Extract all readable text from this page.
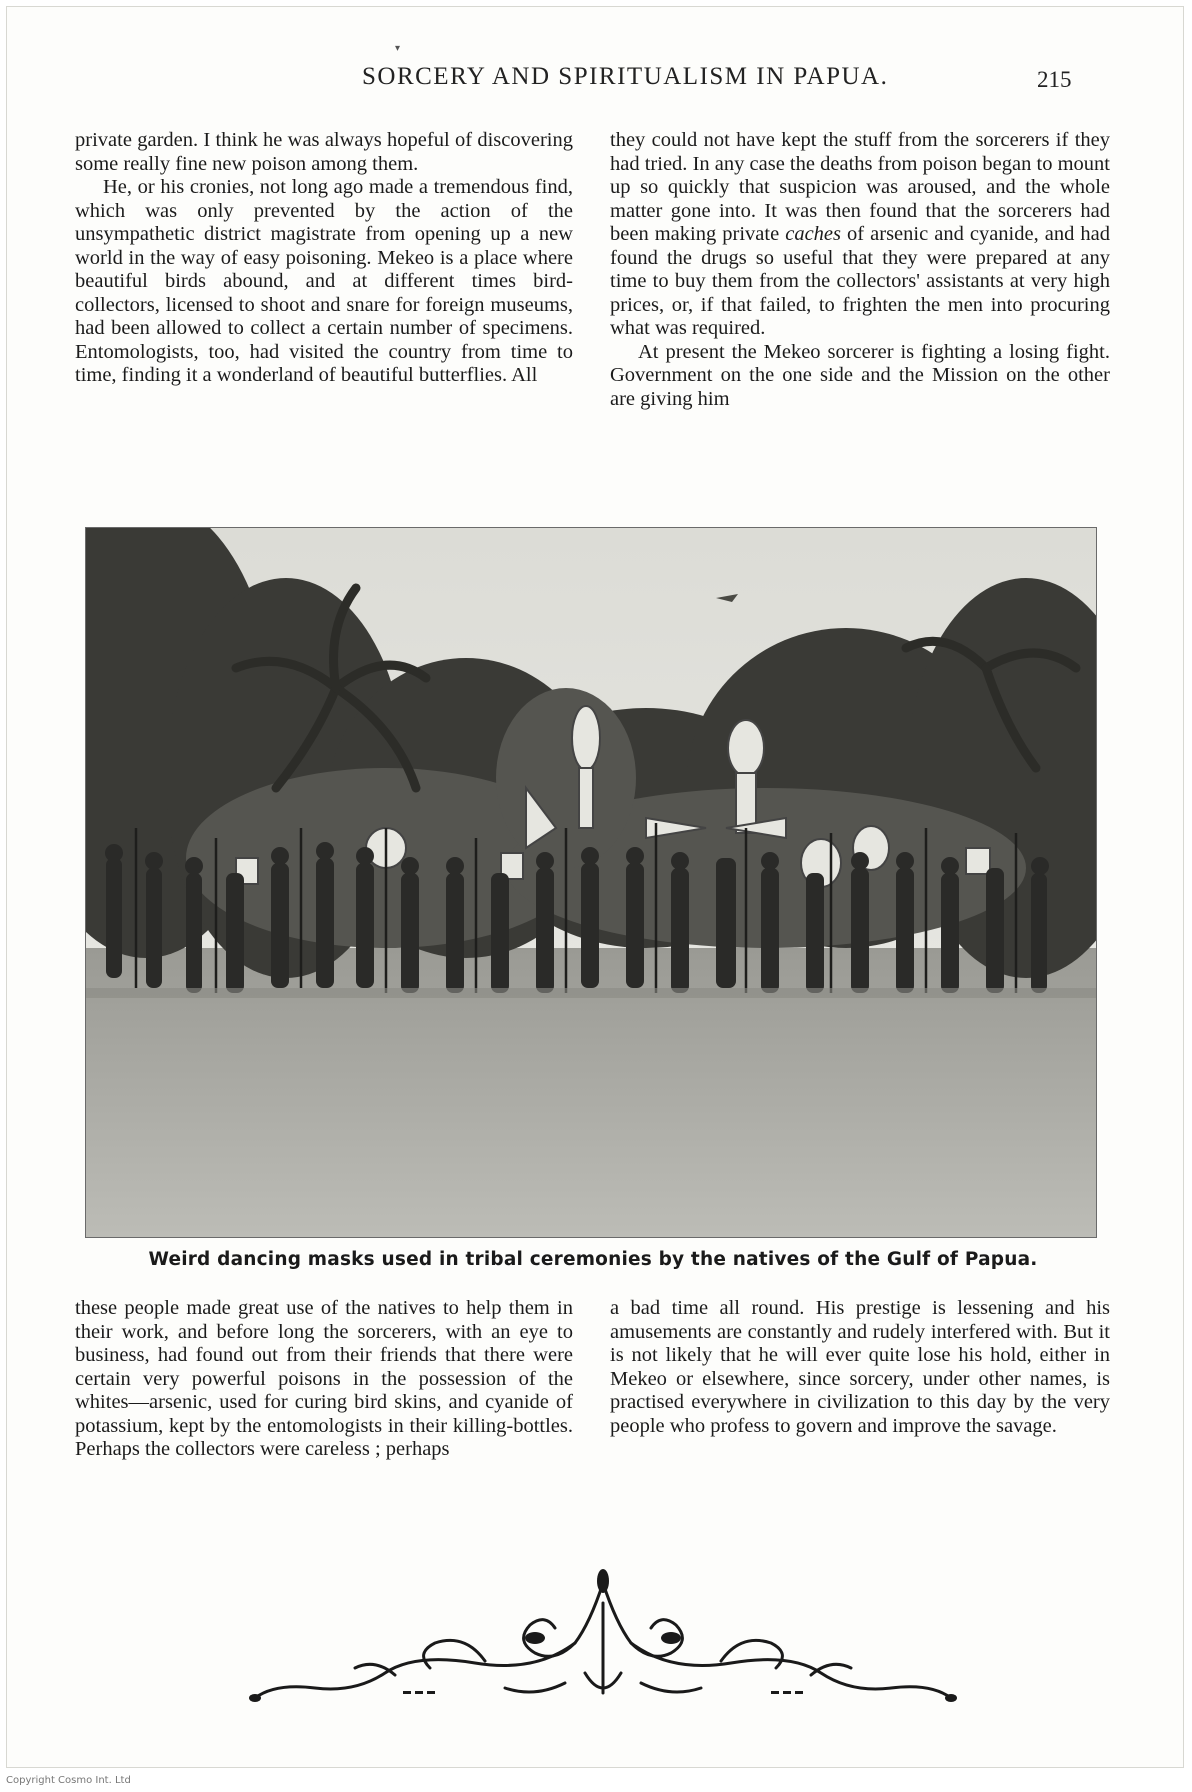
▾
SORCERY AND SPIRITUALISM IN PAPUA.	215

private garden. I think he was always hopeful of discovering some really fine new poison among them.

He, or his cronies, not long ago made a tremendous find, which was only prevented by the action of the unsympathetic district magistrate from opening up a new world in the way of easy poisoning. Mekeo is a place where beautiful birds abound, and at different times bird-collectors, licensed to shoot and snare for foreign museums, had been allowed to collect a certain number of specimens. Entomologists, too, had visited the country from time to time, finding it a wonderland of beautiful butterflies. All

they could not have kept the stuff from the sorcerers if they had tried. In any case the deaths from poison began to mount up so quickly that suspicion was aroused, and the whole matter gone into. It was then found that the sorcerers had been making private caches of arsenic and cyanide, and had found the drugs so useful that they were prepared at any time to buy them from the collectors' assistants at very high prices, or, if that failed, to frighten the men into procuring what was required.

At present the Mekeo sorcerer is fighting a losing fight. Government on the one side and the Mission on the other are giving him

Weird dancing masks used in tribal ceremonies by the natives of the Gulf of Papua.

these people made great use of the natives to help them in their work, and before long the sorcerers, with an eye to business, had found out from their friends that there were certain very powerful poisons in the possession of the whites—arsenic, used for curing bird skins, and cyanide of potassium, kept by the entomologists in their killing-bottles. Perhaps the collectors were careless ; perhaps

a bad time all round. His prestige is lessening and his amusements are constantly and rudely interfered with. But it is not likely that he will ever quite lose his hold, either in Mekeo or elsewhere, since sorcery, under other names, is practised everywhere in civilization to this day by the very people who profess to govern and improve the savage.

Copyright Cosmo Int. Ltd
